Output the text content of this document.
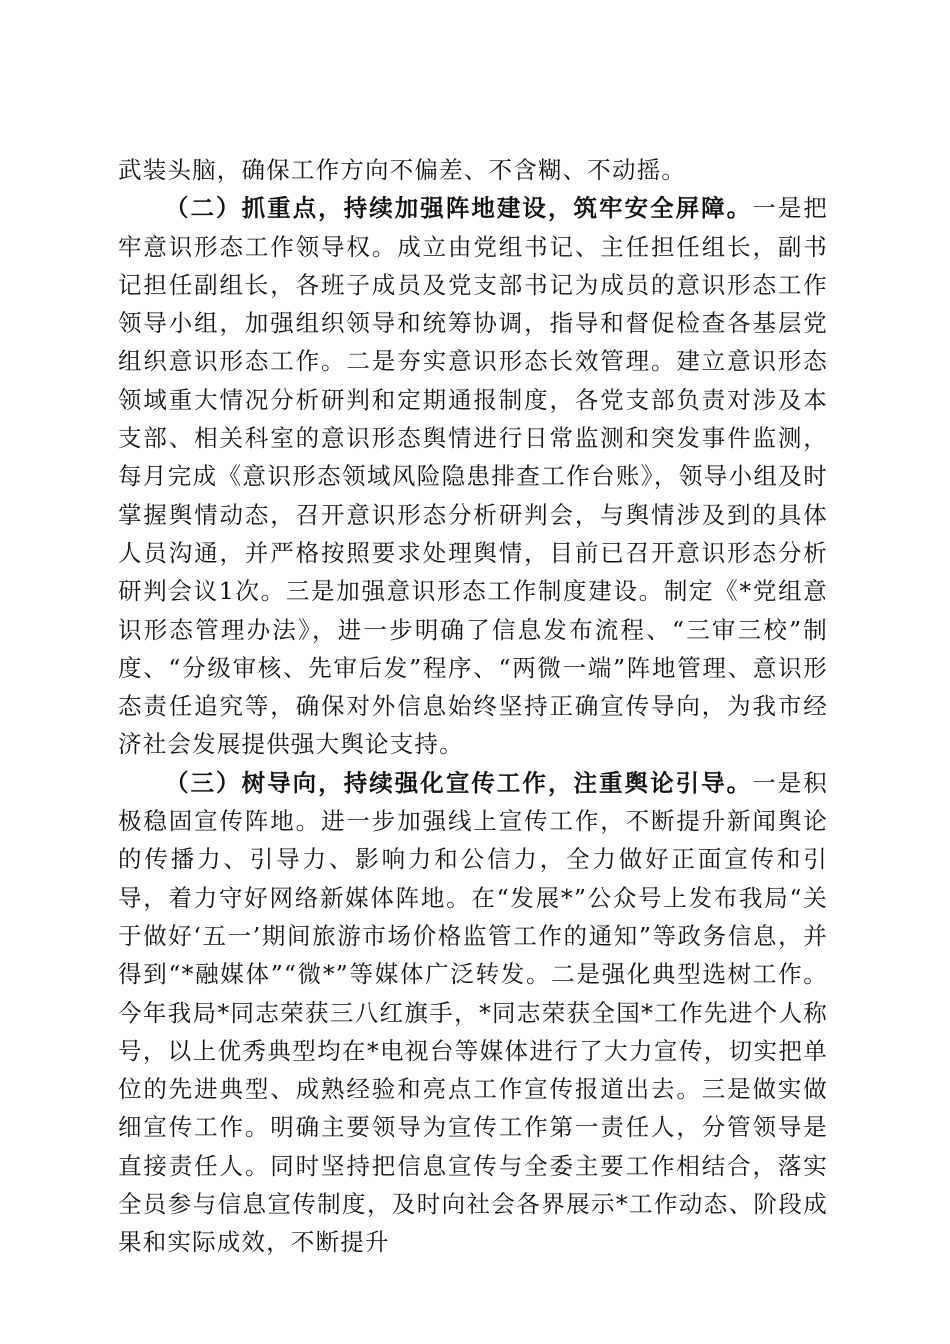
武装头脑，确保工作方向不偏差、不含糊、不动摇。

（二）抓重点，持续加强阵地建设，筑牢安全屏障。一是把牢意识形态工作领导权。成立由党组书记、主任担任组长，副书记担任副组长，各班子成员及党支部书记为成员的意识形态工作领导小组，加强组织领导和统筹协调，指导和督促检查各基层党组织意识形态工作。二是夯实意识形态长效管理。建立意识形态领域重大情况分析研判和定期通报制度，各党支部负责对涉及本支部、相关科室的意识形态舆情进行日常监测和突发事件监测，每月完成《意识形态领域风险隐患排查工作台账》，领导小组及时掌握舆情动态，召开意识形态分析研判会，与舆情涉及到的具体人员沟通，并严格按照要求处理舆情，目前已召开意识形态分析研判会议1次。三是加强意识形态工作制度建设。制定《*党组意识形态管理办法》，进一步明确了信息发布流程、“三审三校”制度、“分级审核、先审后发”程序、“两微一端”阵地管理、意识形态责任追究等，确保对外信息始终坚持正确宣传导向，为我市经济社会发展提供强大舆论支持。

（三）树导向，持续强化宣传工作，注重舆论引导。一是积极稳固宣传阵地。进一步加强线上宣传工作，不断提升新闻舆论的传播力、引导力、影响力和公信力，全力做好正面宣传和引导，着力守好网络新媒体阵地。在“发展*”公众号上发布我局“关于做好‘五一’期间旅游市场价格监管工作的通知”等政务信息，并得到“*融媒体”“微*”等媒体广泛转发。二是强化典型选树工作。今年我局*同志荣获三八红旗手，*同志荣获全国*工作先进个人称号，以上优秀典型均在*电视台等媒体进行了大力宣传，切实把单位的先进典型、成熟经验和亮点工作宣传报道出去。三是做实做细宣传工作。明确主要领导为宣传工作第一责任人，分管领导是直接责任人。同时坚持把信息宣传与全委主要工作相结合，落实全员参与信息宣传制度，及时向社会各界展示*工作动态、阶段成果和实际成效，不断提升
